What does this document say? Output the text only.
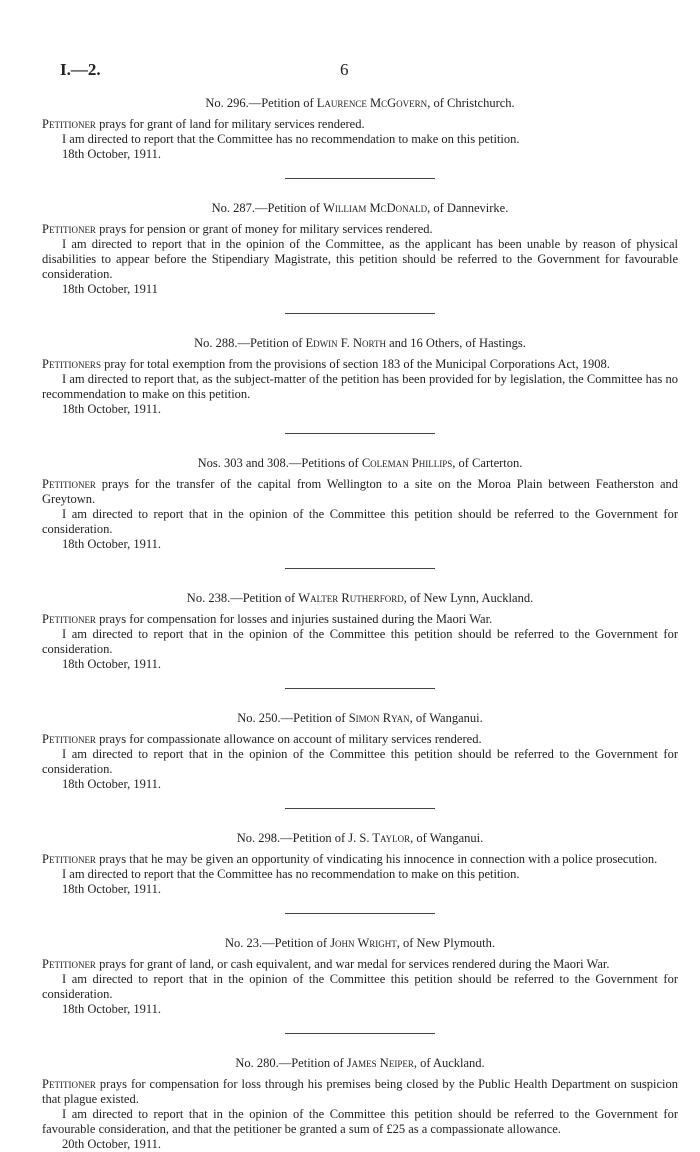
I.—2.	6

No. 296.—Petition of Laurence McGovern, of Christchurch.

Petitioner prays for grant of land for military services rendered.

I am directed to report that the Committee has no recommendation to make on this petition.

18th October, 1911.

No. 287.—Petition of William McDonald, of Dannevirke.

Petitioner prays for pension or grant of money for military services rendered.

I am directed to report that in the opinion of the Committee, as the applicant has been unable by reason of physical disabilities to appear before the Stipendiary Magistrate, this petition should be referred to the Government for favourable consideration.

18th October, 1911

No. 288.—Petition of Edwin F. North and 16 Others, of Hastings.

Petitioners pray for total exemption from the provisions of section 183 of the Municipal Corporations Act, 1908.

I am directed to report that, as the subject-matter of the petition has been provided for by legislation, the Committee has no recommendation to make on this petition.

18th October, 1911.

Nos. 303 and 308.—Petitions of Coleman Phillips, of Carterton.

Petitioner prays for the transfer of the capital from Wellington to a site on the Moroa Plain between Featherston and Greytown.

I am directed to report that in the opinion of the Committee this petition should be referred to the Government for consideration.

18th October, 1911.

No. 238.—Petition of Walter Rutherford, of New Lynn, Auckland.

Petitioner prays for compensation for losses and injuries sustained during the Maori War.

I am directed to report that in the opinion of the Committee this petition should be referred to the Government for consideration.

18th October, 1911.

No. 250.—Petition of Simon Ryan, of Wanganui.

Petitioner prays for compassionate allowance on account of military services rendered.

I am directed to report that in the opinion of the Committee this petition should be referred to the Government for consideration.

18th October, 1911.

No. 298.—Petition of J. S. Taylor, of Wanganui.

Petitioner prays that he may be given an opportunity of vindicating his innocence in connection with a police prosecution.

I am directed to report that the Committee has no recommendation to make on this petition.

18th October, 1911.

No. 23.—Petition of John Wright, of New Plymouth.

Petitioner prays for grant of land, or cash equivalent, and war medal for services rendered during the Maori War.

I am directed to report that in the opinion of the Committee this petition should be referred to the Government for consideration.

18th October, 1911.

No. 280.—Petition of James Neiper, of Auckland.

Petitioner prays for compensation for loss through his premises being closed by the Public Health Department on suspicion that plague existed.

I am directed to report that in the opinion of the Committee this petition should be referred to the Government for favourable consideration, and that the petitioner be granted a sum of £25 as a compassionate allowance.

20th October, 1911.
